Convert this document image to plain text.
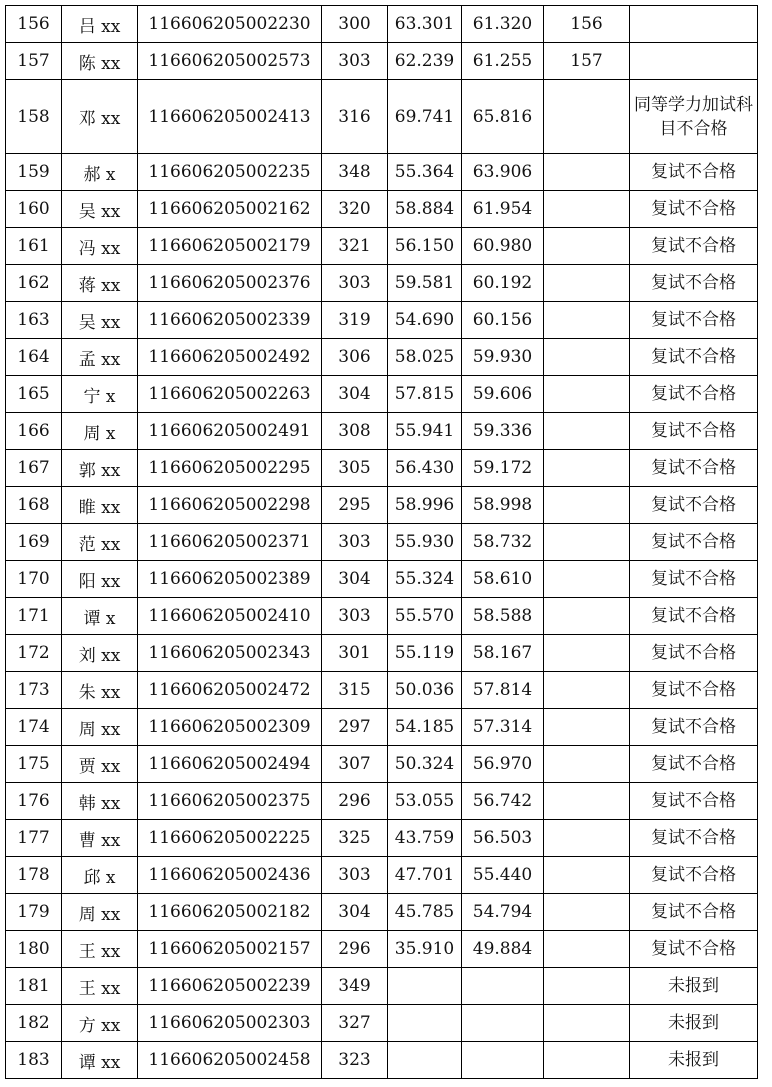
156	吕 xx	116606205002230	300	63.301	61.320	156	
157	陈 xx	116606205002573	303	62.239	61.255	157	
158	邓 xx	116606205002413	316	69.741	65.816		同等学力加试科目不合格
159	郝 x	116606205002235	348	55.364	63.906		复试不合格
160	吴 xx	116606205002162	320	58.884	61.954		复试不合格
161	冯 xx	116606205002179	321	56.150	60.980		复试不合格
162	蒋 xx	116606205002376	303	59.581	60.192		复试不合格
163	吴 xx	116606205002339	319	54.690	60.156		复试不合格
164	孟 xx	116606205002492	306	58.025	59.930		复试不合格
165	宁 x	116606205002263	304	57.815	59.606		复试不合格
166	周 x	116606205002491	308	55.941	59.336		复试不合格
167	郭 xx	116606205002295	305	56.430	59.172		复试不合格
168	睢 xx	116606205002298	295	58.996	58.998		复试不合格
169	范 xx	116606205002371	303	55.930	58.732		复试不合格
170	阳 xx	116606205002389	304	55.324	58.610		复试不合格
171	谭 x	116606205002410	303	55.570	58.588		复试不合格
172	刘 xx	116606205002343	301	55.119	58.167		复试不合格
173	朱 xx	116606205002472	315	50.036	57.814		复试不合格
174	周 xx	116606205002309	297	54.185	57.314		复试不合格
175	贾 xx	116606205002494	307	50.324	56.970		复试不合格
176	韩 xx	116606205002375	296	53.055	56.742		复试不合格
177	曹 xx	116606205002225	325	43.759	56.503		复试不合格
178	邱 x	116606205002436	303	47.701	55.440		复试不合格
179	周 xx	116606205002182	304	45.785	54.794		复试不合格
180	王 xx	116606205002157	296	35.910	49.884		复试不合格
181	王 xx	116606205002239	349				未报到
182	方 xx	116606205002303	327				未报到
183	谭 xx	116606205002458	323				未报到
